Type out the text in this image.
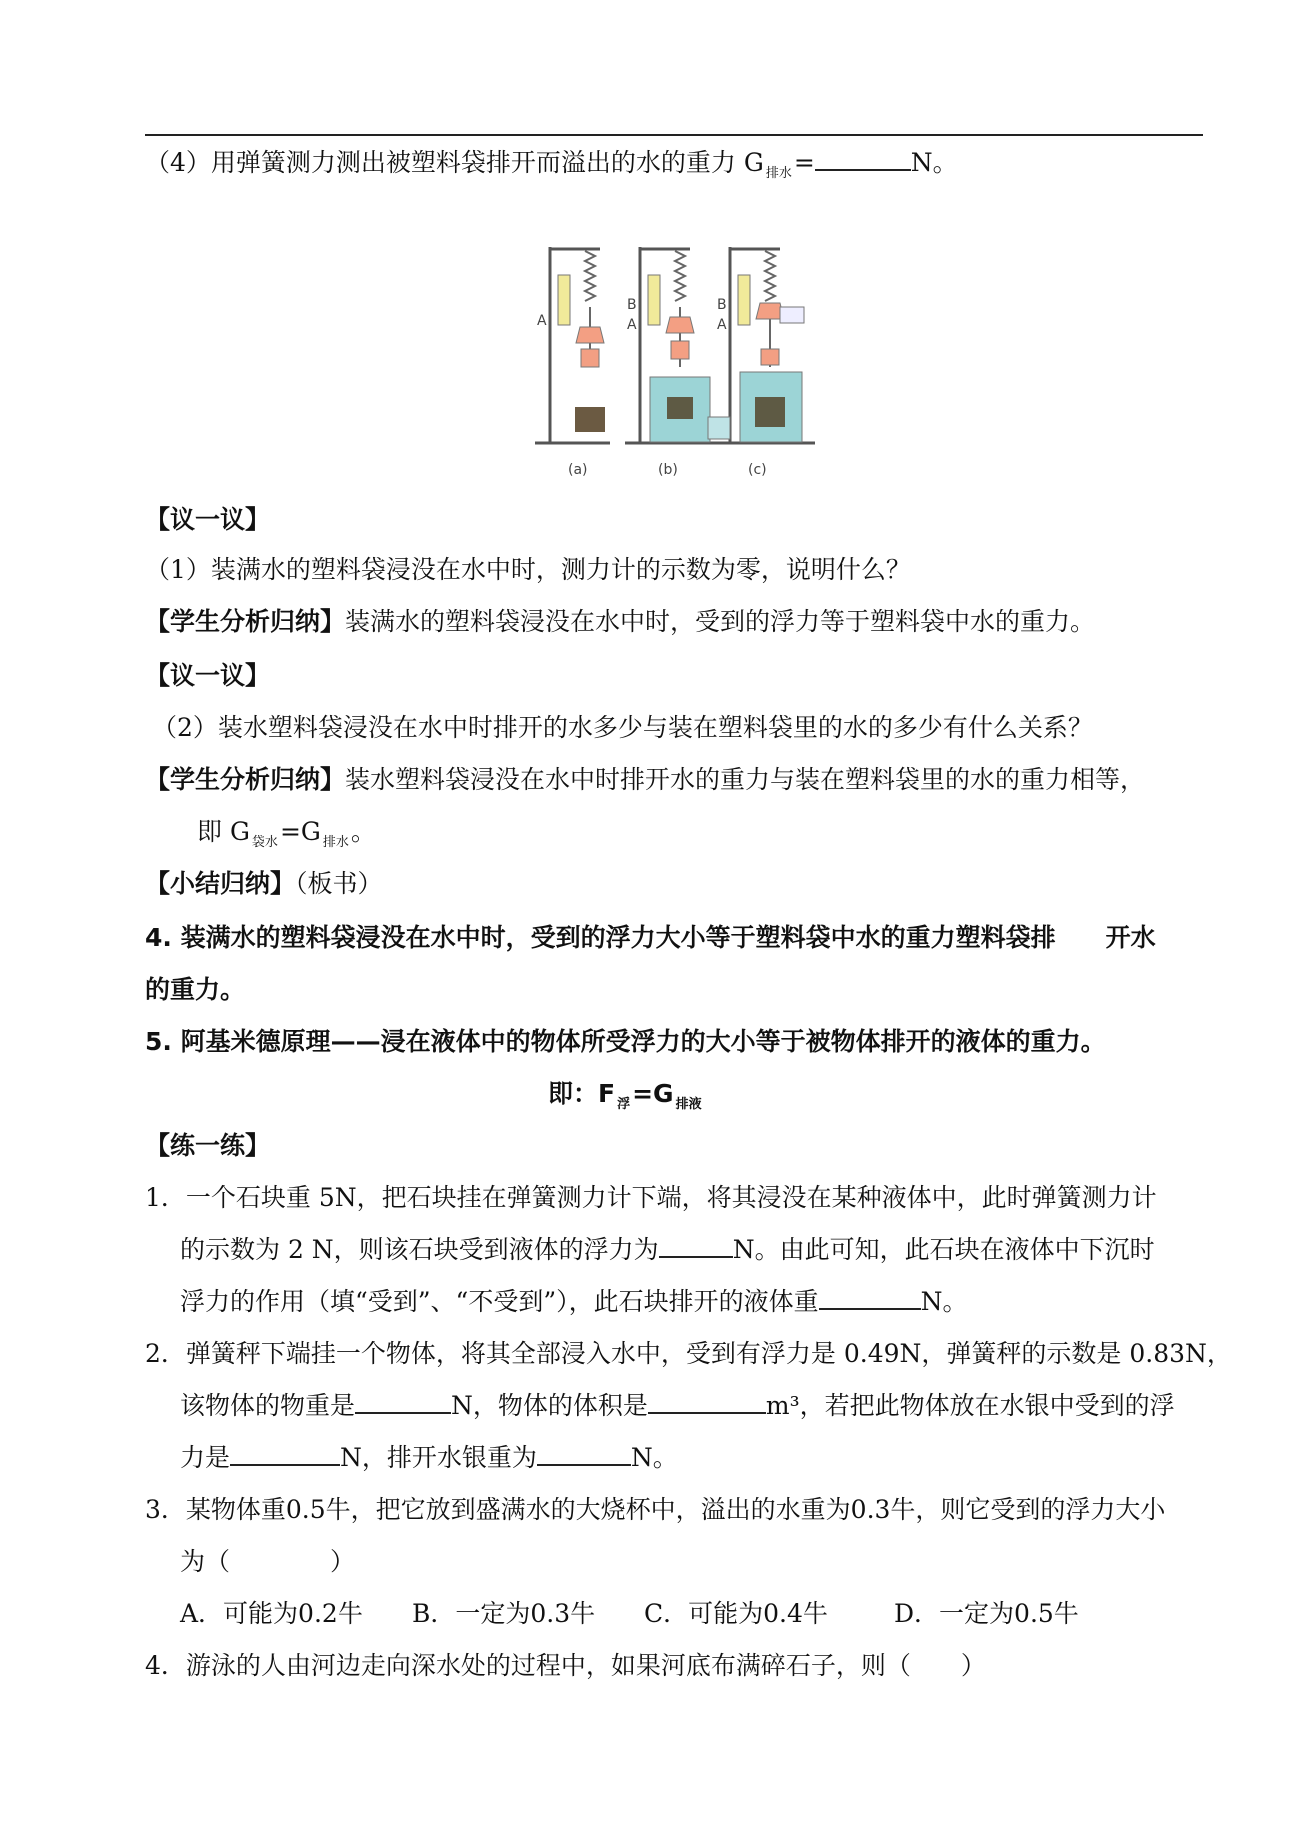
（4）用弹簧测力测出被塑料袋排开而溢出的水的重力 G $_{排水}$=	N。
A
B
A
B
A
(a)	(b)	(c)
【议一议】
（1）装满水的塑料袋浸没在水中时，测力计的示数为零，说明什么？
【学生分析归纳】装满水的塑料袋浸没在水中时，受到的浮力等于塑料袋中水的重力。
【议一议】
（2）装水塑料袋浸没在水中时排开的水多少与装在塑料袋里的水的多少有什么关系？
【学生分析归纳】装水塑料袋浸没在水中时排开水的重力与装在塑料袋里的水的重力相等，
即 G $_{袋水}$=G $_{排水}$。
【小结归纳】（板书）
4. 装满水的塑料袋浸没在水中时，受到的浮力大小等于塑料袋中水的重力塑料袋排　　开水
的重力。
5. 阿基米德原理——浸在液体中的物体所受浮力的大小等于被物体排开的液体的重力。
即：F $_浮$=G $_{排液}$
【练一练】
1．一个石块重 5N，把石块挂在弹簧测力计下端，将其浸没在某种液体中，此时弹簧测力计
的示数为 2 N，则该石块受到液体的浮力为	N。由此可知，此石块在液体中下沉时
浮力的作用（填“受到”、“不受到”），此石块排开的液体重	N。
2．弹簧秤下端挂一个物体，将其全部浸入水中，受到有浮力是 0.49N，弹簧秤的示数是 0.83N，
该物体的物重是	N，物体的体积是	m³，若把此物体放在水银中受到的浮
力是	N，排开水银重为	N。
3．某物体重0.5牛，把它放到盛满水的大烧杯中，溢出的水重为0.3牛，则它受到的浮力大小
为（　　　　）
A．可能为0.2牛 B．一定为0.3牛 C．可能为0.4牛	D．一定为0.5牛
4．游泳的人由河边走向深水处的过程中，如果河底布满碎石子，则（　　）
